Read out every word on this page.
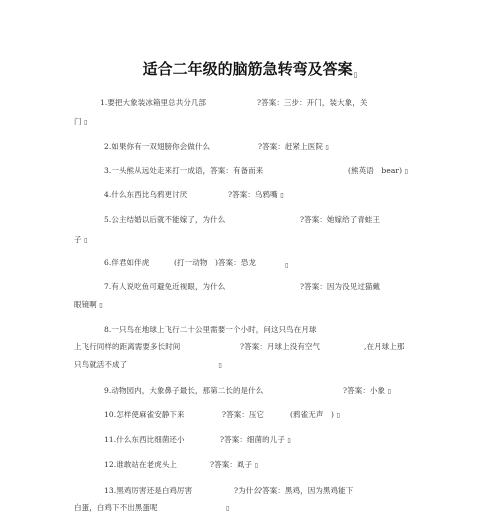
适合二年级的脑筋急转弯及答案▯
1.要把大象装冰箱里总共分几部	?答案：三步：开门，装大象，关
门 ▯
2.如果你有一双翅膀你会做什么	?答案：赶紧上医院 ▯
3.一头熊从远处走来打一成语，答案：有备而来	(熊英语　bear) ▯
4.什么东西比乌鸦更讨厌	?答案：乌鸦嘴 ▯
5.公主结婚以后就不能嫁了，为什么	?答案：她嫁给了青蛙王
子 ▯
6.伴君如伴虎	(打一动物　)答案：恐龙	▯
7.有人说吃鱼可避免近视眼，为什么	?答案：因为没见过猫戴
眼镜啊 ▯
8.一只鸟在地球上飞行二十公里需要一个小时，问这只鸟在月球
上飞行同样的距离需要多长时间	?答案：月球上没有空气	,在月球上那
只鸟就活不成了　　　　　　　　　　　　	▯
9.动物园内，大象鼻子最长，那第二长的是什么	?答案：小象 ▯
10.怎样使麻雀安静下来	?答案：压它	(鸦雀无声　) ▯
11.什么东西比细菌还小	?答案：细菌的儿子 ▯
12.谁敢站在老虎头上	?答案：虱子 ▯
13.黑鸡厉害还是白鸡厉害	?为什么
?答案：黑鸡，因为黑鸡能下
白蛋，白鸡下不出黑蛋呢　　　　　　　　　	▯
